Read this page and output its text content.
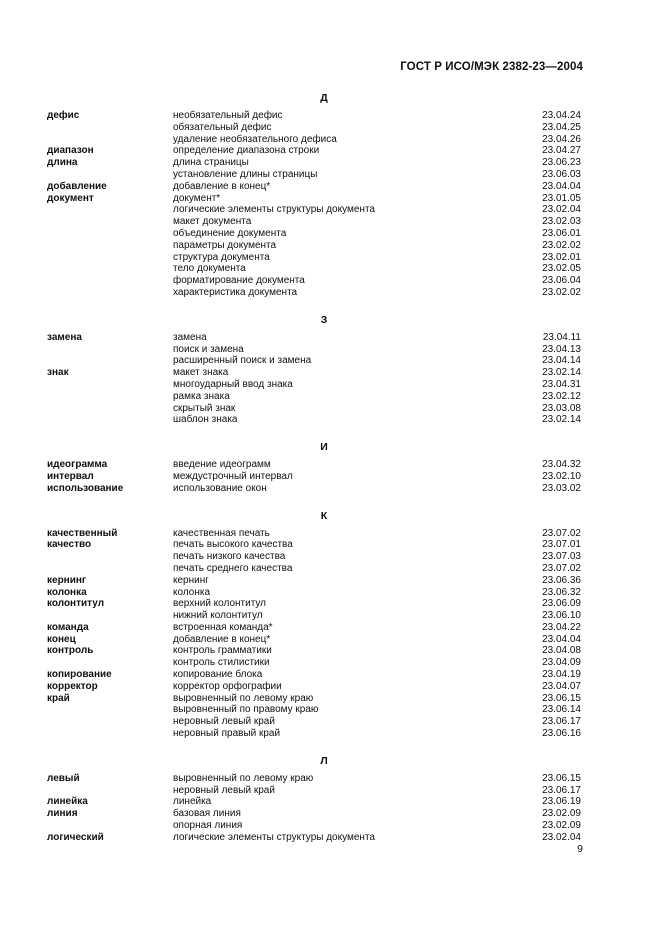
ГОСТ Р ИСО/МЭК 2382-23—2004
Д
дефис	необязательный дефис	23.04.24
обязательный дефис	23.04.25
удаление необязательного дефиса	23.04.26
диапазон	определение диапазона строки	23.04.27
длина	длина страницы	23.06.23
установление длины страницы	23.06.03
добавление	добавление в конец*	23.04.04
документ	документ*	23.01.05
логические элементы структуры документа	23.02.04
макет документа	23.02.03
объединение документа	23.06.01
параметры документа	23.02.02
структура документа	23.02.01
тело документа	23.02.05
форматирование документа	23.06.04
характеристика документа	23.02.02
З
замена	замена	23.04.11
поиск и замена	23.04.13
расширенный поиск и замена	23.04.14
знак	макет знака	23.02.14
многоударный ввод знака	23.04.31
рамка знака	23.02.12
скрытый знак	23.03.08
шаблон знака	23.02.14
И
идеограмма	введение идеограмм	23.04.32
интервал	междустрочный интервал	23.02.10
использование	использование окон	23.03.02
К
качественный	качественная печать	23.07.02
качество	печать высокого качества	23.07.01
печать низкого качества	23.07.03
печать среднего качества	23.07.02
кернинг	кернинг	23.06.36
колонка	колонка	23.06.32
колонтитул	верхний колонтитул	23.06.09
нижний колонтитул	23.06.10
команда	встроенная команда*	23.04.22
конец	добавление в конец*	23.04.04
контроль	контроль грамматики	23.04.08
контроль стилистики	23.04.09
копирование	копирование блока	23.04.19
корректор	корректор орфографии	23.04.07
край	выровненный по левому краю	23.06.15
выровненный по правому краю	23.06.14
неровный левый край	23.06.17
неровный правый край	23.06.16
Л
левый	выровненный по левому краю	23.06.15
неровный левый край	23.06.17
линейка	линейка	23.06.19
линия	базовая линия	23.02.09
опорная линия	23.02.09
логический	логические элементы структуры документа	23.02.04
9
